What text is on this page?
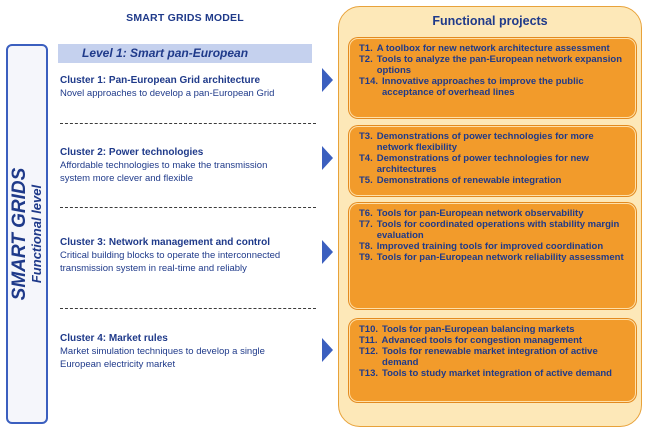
SMART GRIDS MODEL
SMART GRIDS Functional level
Level 1: Smart pan-European
Cluster 1: Pan-European Grid architecture
Novel approaches to develop a pan-European Grid
Cluster 2: Power technologies
Affordable technologies to make the transmission
system more clever and flexible
Cluster 3: Network management and control
Critical building blocks to operate the interconnected
transmission system in real-time and reliably
Cluster 4: Market rules
Market simulation techniques to develop a single
European electricity market
Functional projects
T1. A toolbox for new network architecture assessment
T2. Tools to analyze the pan-European network expansion options
T14. Innovative approaches to improve the public acceptance of overhead lines
T3. Demonstrations of power technologies for more network flexibility
T4. Demonstrations of power technologies for new architectures
T5. Demonstrations of renewable integration
T6. Tools for pan-European network observability
T7. Tools for coordinated operations with stability margin evaluation
T8. Improved training tools for improved coordination
T9. Tools for pan-European network reliability assessment
T10. Tools for pan-European balancing markets
T11. Advanced tools for congestion management
T12. Tools for renewable market integration of active demand
T13. Tools to study market integration of active demand
